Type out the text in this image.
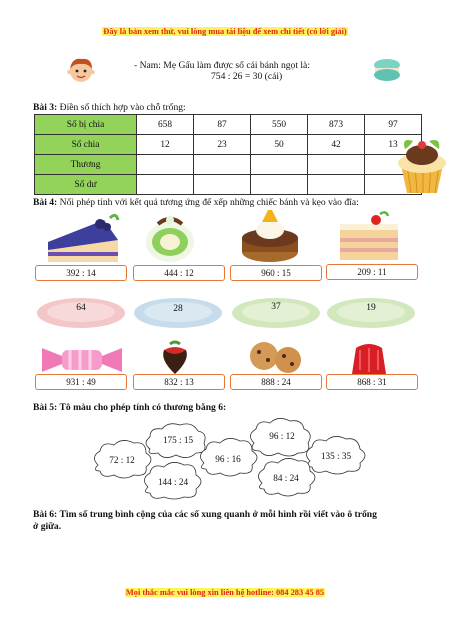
Đây là bản xem thử, vui lòng mua tài liệu để xem chi tiết (có lời giải)
- Nam: Mẹ Gấu làm được số cái bánh ngọt là:
754 : 26 = 30 (cái)
Bài 3: Điền số thích hợp vào chỗ trống:
Số bị chia	658	87	550	873	97
Số chia	12	23	50	42	13
Thương					
Số dư					
Bài 4: Nối phép tính với kết quả tương ứng để xếp những chiếc bánh và kẹo vào đĩa:
392 : 14	444 : 12	960 : 15	209 : 11
64	28	37	19
931 : 49	832 : 13	888 : 24	868 : 31
Bài 5: Tô màu cho phép tính có thương bằng 6:
175 : 15	96 : 12
72 : 12	96 : 16	135 : 35
144 : 24	84 : 24
Bài 6: Tìm số trung bình cộng của các số xung quanh ở mỗi hình rồi viết vào ô trống
ở giữa.
Mọi thắc mắc vui lòng xin liên hệ hotline: 084 283 45 85
